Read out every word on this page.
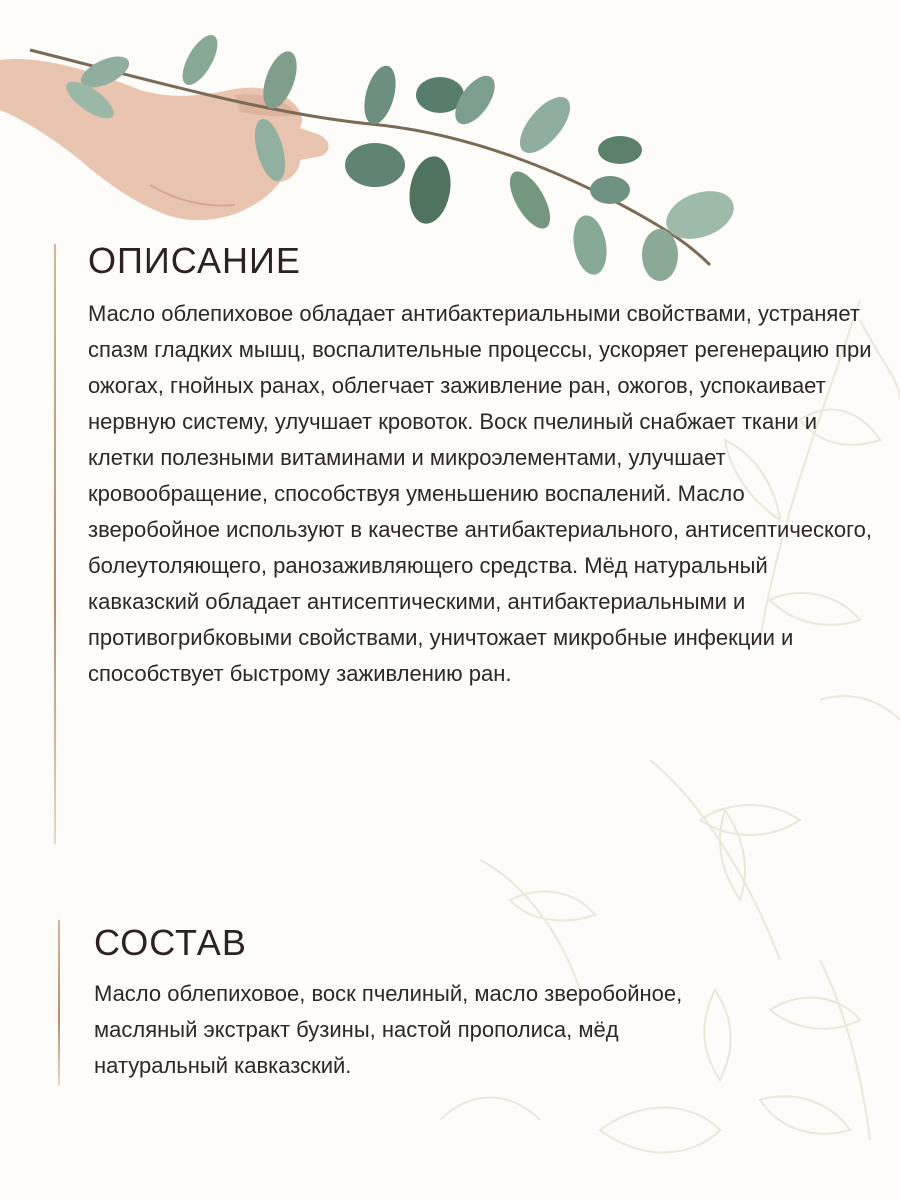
ОПИСАНИЕ

Масло облепиховое обладает антибактериальными свойствами, устраняет спазм гладких мышц, воспалительные процессы, ускоряет регенерацию при ожогах, гнойных ранах, облегчает заживление ран, ожогов, успокаивает нервную систему, улучшает кровоток. Воск пчелиный снабжает ткани и клетки полезными витаминами и микроэлементами, улучшает кровообращение, способствуя уменьшению воспалений. Масло зверобойное используют в качестве антибактериального, антисептического, болеутоляющего, ранозаживляющего средства. Мёд натуральный кавказский обладает антисептическими, антибактериальными и противогрибковыми свойствами, уничтожает микробные инфекции и способствует быстрому заживлению ран.

СОСТАВ

Масло облепиховое, воск пчелиный, масло зверобойное, масляный экстракт бузины, настой прополиса, мёд натуральный кавказский.
